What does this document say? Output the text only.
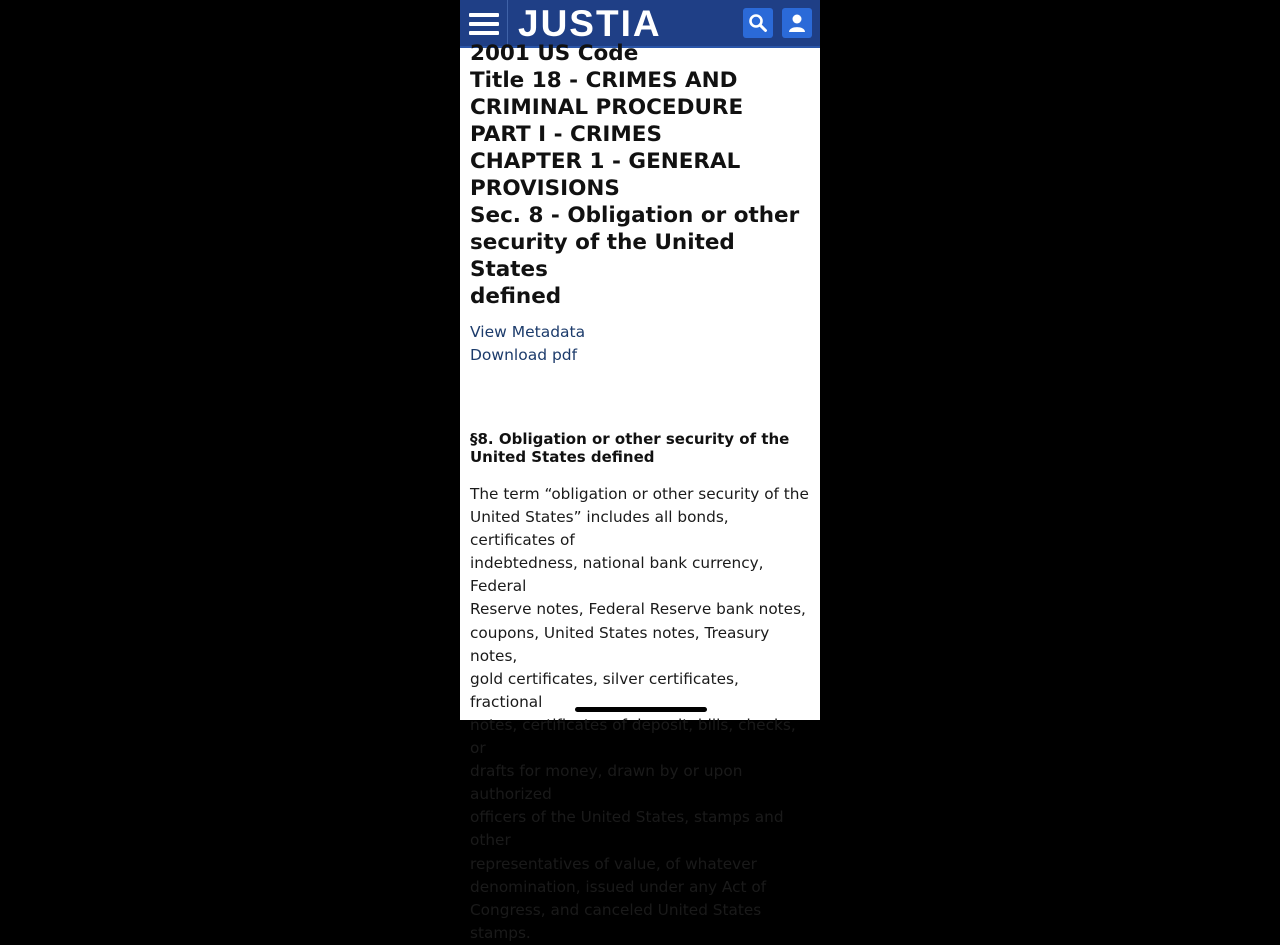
JUSTIA
2001 US Code
Title 18 - CRIMES AND
CRIMINAL PROCEDURE
PART I - CRIMES
CHAPTER 1 - GENERAL
PROVISIONS
Sec. 8 - Obligation or other
security of the United States
defined
View Metadata
Download pdf
§8. Obligation or other security of the
United States defined
The term “obligation or other security of the
United States” includes all bonds, certificates of
indebtedness, national bank currency, Federal
Reserve notes, Federal Reserve bank notes,
coupons, United States notes, Treasury notes,
gold certificates, silver certificates, fractional
notes, certificates of deposit, bills, checks, or
drafts for money, drawn by or upon authorized
officers of the United States, stamps and other
representatives of value, of whatever
denomination, issued under any Act of
Congress, and canceled United States stamps.
